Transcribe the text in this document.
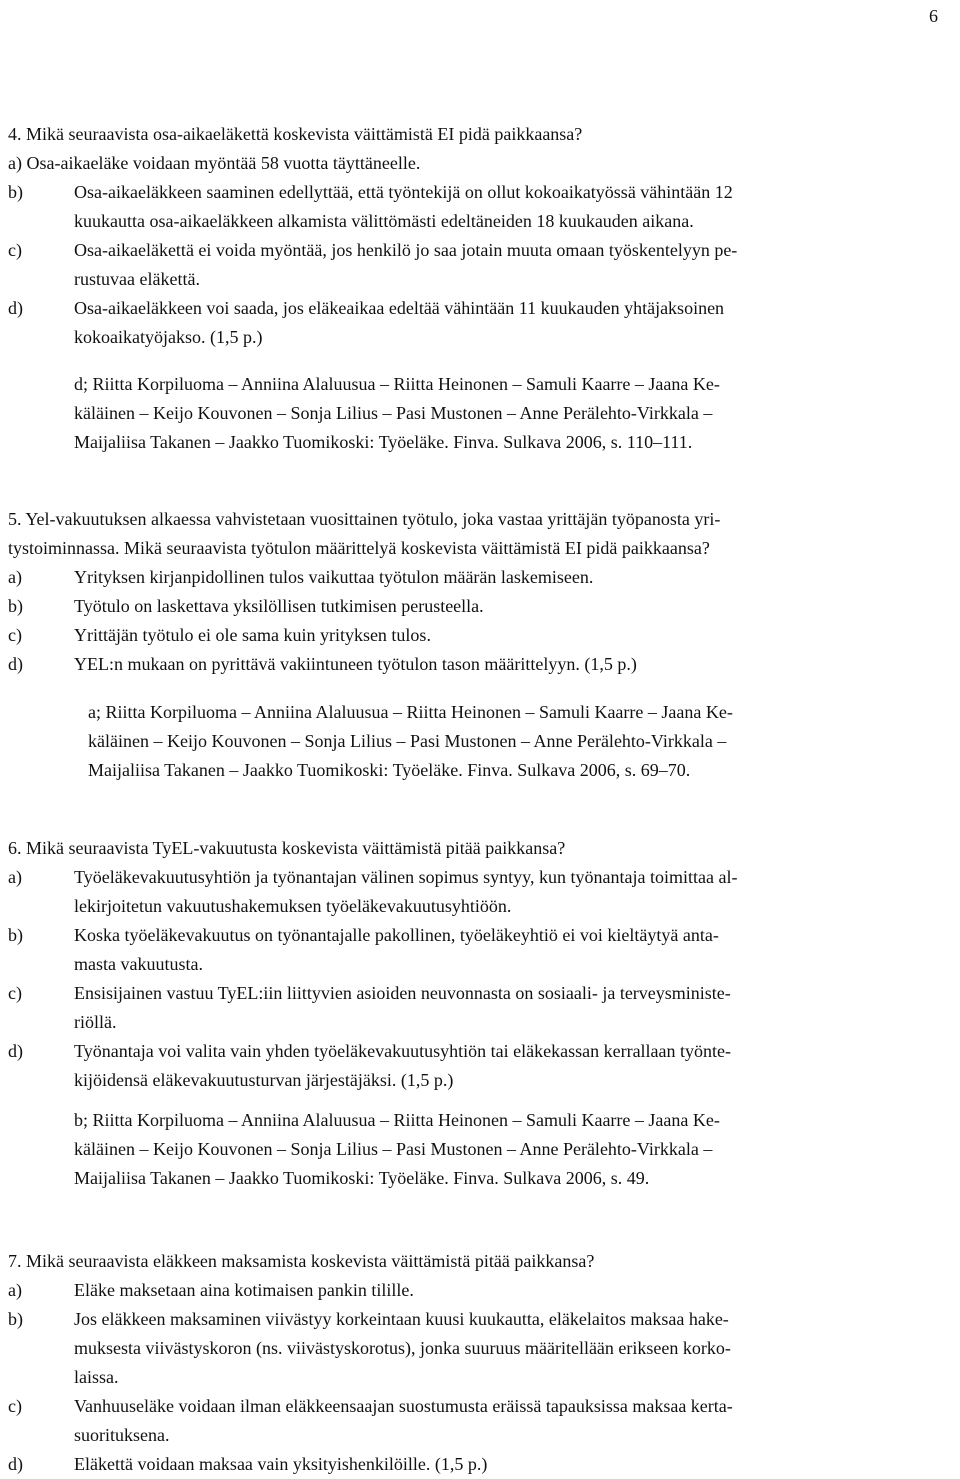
6
4. Mikä seuraavista osa-aikaeläkettä koskevista väittämistä EI pidä paikkaansa?
a) Osa-aikaeläke voidaan myöntää 58 vuotta täyttäneelle.
b)	Osa-aikaeläkkeen saaminen edellyttää, että työntekijä on ollut kokoaikatyössä vähintään 12
kuukautta osa-aikaeläkkeen alkamista välittömästi edeltäneiden 18 kuukauden aikana.
c)	Osa-aikaeläkettä ei voida myöntää, jos henkilö jo saa jotain muuta omaan työskentelyyn pe-
rustuvaa eläkettä.
d)	Osa-aikaeläkkeen voi saada, jos eläkeaikaa edeltää vähintään 11 kuukauden yhtäjaksoinen
kokoaikatyöjakso. (1,5 p.)
d; Riitta Korpiluoma – Anniina Alaluusua – Riitta Heinonen – Samuli Kaarre – Jaana Ke-
käläinen – Keijo Kouvonen – Sonja Lilius – Pasi Mustonen – Anne Perälehto-Virkkala –
Maijaliisa Takanen – Jaakko Tuomikoski: Työeläke. Finva. Sulkava 2006, s. 110–111.
5. Yel-vakuutuksen alkaessa vahvistetaan vuosittainen työtulo, joka vastaa yrittäjän työpanosta yri-
tystoiminnassa. Mikä seuraavista työtulon määrittelyä koskevista väittämistä EI pidä paikkaansa?
a)	Yrityksen kirjanpidollinen tulos vaikuttaa työtulon määrän laskemiseen.
b)	Työtulo on laskettava yksilöllisen tutkimisen perusteella.
c)	Yrittäjän työtulo ei ole sama kuin yrityksen tulos.
d)	YEL:n mukaan on pyrittävä vakiintuneen työtulon tason määrittelyyn. (1,5 p.)
a; Riitta Korpiluoma – Anniina Alaluusua – Riitta Heinonen – Samuli Kaarre – Jaana Ke-
käläinen – Keijo Kouvonen – Sonja Lilius – Pasi Mustonen – Anne Perälehto-Virkkala –
Maijaliisa Takanen – Jaakko Tuomikoski: Työeläke. Finva. Sulkava 2006, s. 69–70.
6. Mikä seuraavista TyEL-vakuutusta koskevista väittämistä pitää paikkansa?
a)	Työeläkevakuutusyhtiön ja työnantajan välinen sopimus syntyy, kun työnantaja toimittaa al-
lekirjoitetun vakuutushakemuksen työeläkevakuutusyhtiöön.
b)	Koska työeläkevakuutus on työnantajalle pakollinen, työeläkeyhtiö ei voi kieltäytyä anta-
masta vakuutusta.
c)	Ensisijainen vastuu TyEL:iin liittyvien asioiden neuvonnasta on sosiaali- ja terveysministe-
riöllä.
d)	Työnantaja voi valita vain yhden työeläkevakuutusyhtiön tai eläkekassan kerrallaan työnte-
kijöidensä eläkevakuutusturvan järjestäjäksi. (1,5 p.)
b; Riitta Korpiluoma – Anniina Alaluusua – Riitta Heinonen – Samuli Kaarre – Jaana Ke-
käläinen – Keijo Kouvonen – Sonja Lilius – Pasi Mustonen – Anne Perälehto-Virkkala –
Maijaliisa Takanen – Jaakko Tuomikoski: Työeläke. Finva. Sulkava 2006, s. 49.
7. Mikä seuraavista eläkkeen maksamista koskevista väittämistä pitää paikkansa?
a)	Eläke maksetaan aina kotimaisen pankin tilille.
b)	Jos eläkkeen maksaminen viivästyy korkeintaan kuusi kuukautta, eläkelaitos maksaa hake-
muksesta viivästyskoron (ns. viivästyskorotus), jonka suuruus määritellään erikseen korko-
laissa.
c)	Vanhuuseläke voidaan ilman eläkkeensaajan suostumusta eräissä tapauksissa maksaa kerta-
suorituksena.
d)	Eläkettä voidaan maksaa vain yksityishenkilöille. (1,5 p.)
